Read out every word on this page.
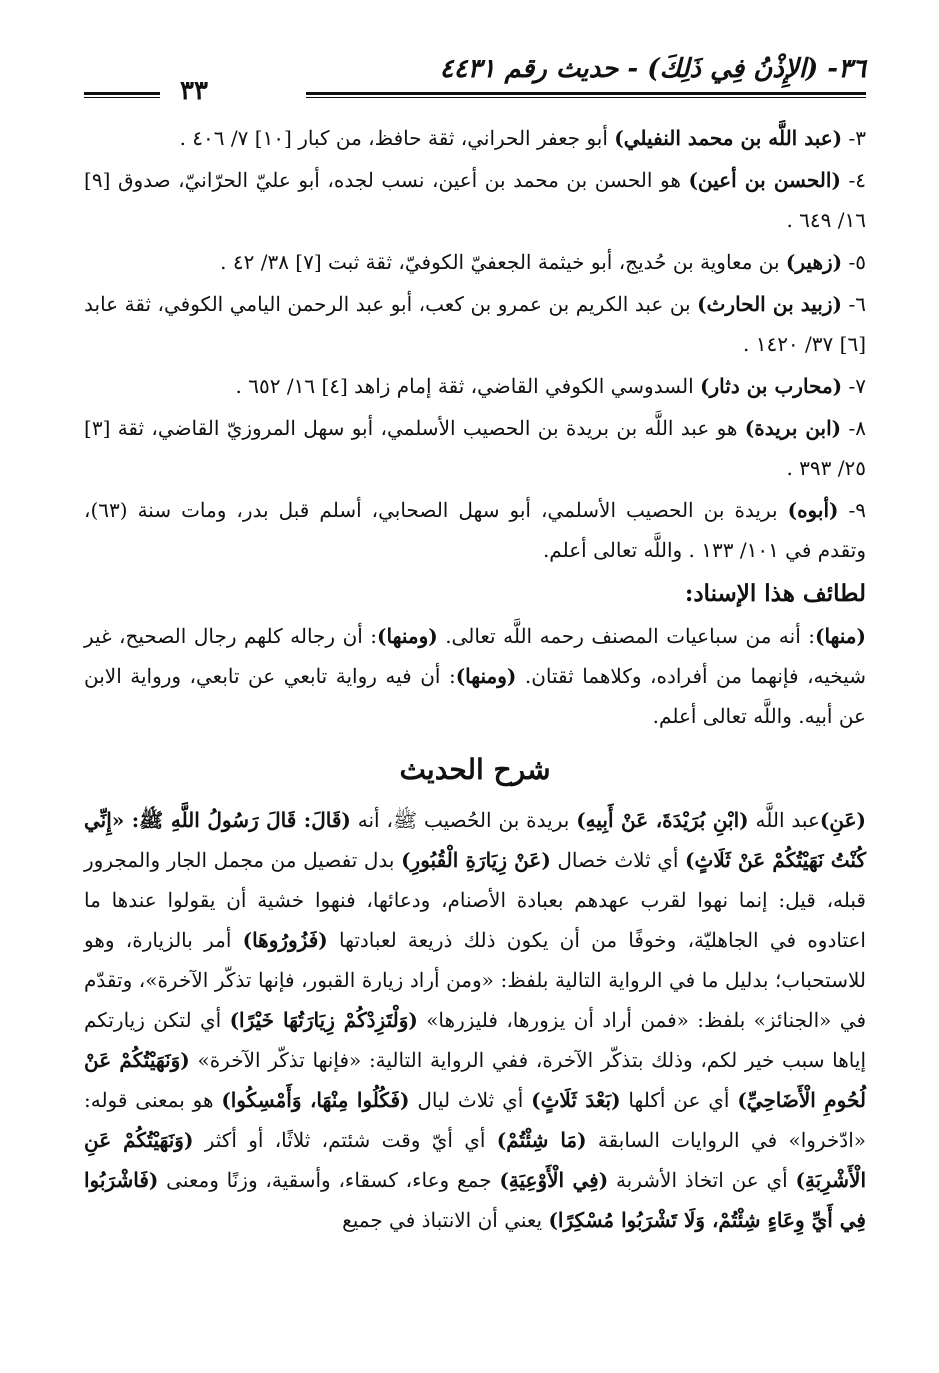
٣٦- (الإِذْنُ فِي ذَلِكَ) - حديث رقم ٤٤٣١
٣٣

٣- (عبد اللَّه بن محمد النفيلي) أبو جعفر الحراني، ثقة حافظ، من كبار [١٠] ٧/ ٤٠٦ .

٤- (الحسن بن أعين) هو الحسن بن محمد بن أعين، نسب لجده، أبو عليّ الحرّانيّ، صدوق [٩] ١٦/ ٦٤٩ .

٥- (زهير) بن معاوية بن حُديج، أبو خيثمة الجعفيّ الكوفيّ، ثقة ثبت [٧] ٣٨/ ٤٢ .

٦- (زبيد بن الحارث) بن عبد الكريم بن عمرو بن كعب، أبو عبد الرحمن اليامي الكوفي، ثقة عابد [٦] ٣٧/ ١٤٢٠ .

٧- (محارب بن دثار) السدوسي الكوفي القاضي، ثقة إمام زاهد [٤] ١٦/ ٦٥٢ .

٨- (ابن بريدة) هو عبد اللَّه بن بريدة بن الحصيب الأسلمي، أبو سهل المروزيّ القاضي، ثقة [٣] ٢٥/ ٣٩٣ .

٩- (أبوه) بريدة بن الحصيب الأسلمي، أبو سهل الصحابي، أسلم قبل بدر، ومات سنة (٦٣)، وتقدم في ١٠١/ ١٣٣ . واللَّه تعالى أعلم.

لطائف هذا الإسناد:

(منها): أنه من سباعيات المصنف رحمه اللَّه تعالى. (ومنها): أن رجاله كلهم رجال الصحيح، غير شيخيه، فإنهما من أفراده، وكلاهما ثقتان. (ومنها): أن فيه رواية تابعي عن تابعي، ورواية الابن عن أبيه. واللَّه تعالى أعلم.

شرح الحديث

(عَنِ)عبد اللَّه (ابْنِ بُرَيْدَةَ، عَنْ أَبِيهِ) بريدة بن الحُصيب ﷺ، أنه (قَالَ: قَالَ رَسُولُ اللَّهِ ﷺ: «إِنِّي كُنْتُ نَهَيْتُكُمْ عَنْ ثَلَاثٍ) أي ثلاث خصال (عَنْ زِيَارَةِ الْقُبُورِ) بدل تفصيل من مجمل الجار والمجرور قبله، قيل: إنما نهوا لقرب عهدهم بعبادة الأصنام، ودعائها، فنهوا خشية أن يقولوا عندها ما اعتادوه في الجاهليّة، وخوفًا من أن يكون ذلك ذريعة لعبادتها (فَزُورُوهَا) أمر بالزيارة، وهو للاستحباب؛ بدليل ما في الرواية التالية بلفظ: «ومن أراد زيارة القبور، فإنها تذكّر الآخرة»، وتقدّم في «الجنائز» بلفظ: «فمن أراد أن يزورها، فليزرها» (وَلْتَزِدْكُمْ زِيَارَتُهَا خَيْرًا) أي لتكن زيارتكم إياها سبب خير لكم، وذلك بتذكّر الآخرة، ففي الرواية التالية: «فإنها تذكّر الآخرة» (وَنَهَيْتُكُمْ عَنْ لُحُومِ الْأَضَاحِيِّ) أي عن أكلها (بَعْدَ ثَلَاثٍ) أي ثلاث ليال (فَكُلُوا مِنْهَا، وَأَمْسِكُوا) هو بمعنى قوله: «ادّخروا» في الروايات السابقة (مَا شِئْتُمْ) أي أيّ وقت شئتم، ثلاثًا، أو أكثر (وَنَهَيْتُكُمْ عَنِ الْأَشْرِبَةِ) أي عن اتخاذ الأشربة (فِي الْأَوْعِيَةِ) جمع وعاء، كسقاء، وأسقية، وزنًا ومعنى (فَاشْرَبُوا فِي أَيِّ وِعَاءٍ شِئْتُمْ، وَلَا تَشْرَبُوا مُسْكِرًا) يعني أن الانتباذ في جميع
